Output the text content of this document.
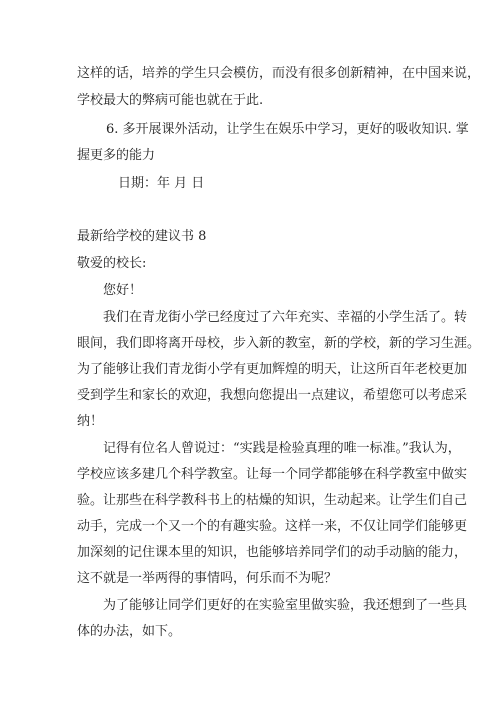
这样的话，培养的学生只会模仿，而没有很多创新精神，在中国来说，
学校最大的弊病可能也就在于此.
6. 多开展课外活动，让学生在娱乐中学习，更好的吸收知识. 掌
握更多的能力
日期：年 月 日
最新给学校的建议书 8
敬爱的校长:
您好！
我们在青龙街小学已经度过了六年充实、幸福的小学生活了。转
眼间，我们即将离开母校，步入新的教室，新的学校，新的学习生涯。
为了能够让我们青龙街小学有更加辉煌的明天，让这所百年老校更加
受到学生和家长的欢迎，我想向您提出一点建议，希望您可以考虑采
纳！
记得有位名人曾说过：“实践是检验真理的唯一标准。”我认为，
学校应该多建几个科学教室。让每一个同学都能够在科学教室中做实
验。让那些在科学教科书上的枯燥的知识，生动起来。让学生们自己
动手，完成一个又一个的有趣实验。这样一来，不仅让同学们能够更
加深刻的记住课本里的知识，也能够培养同学们的动手动脑的能力，
这不就是一举两得的事情吗，何乐而不为呢？
为了能够让同学们更好的在实验室里做实验，我还想到了一些具
体的办法，如下。
